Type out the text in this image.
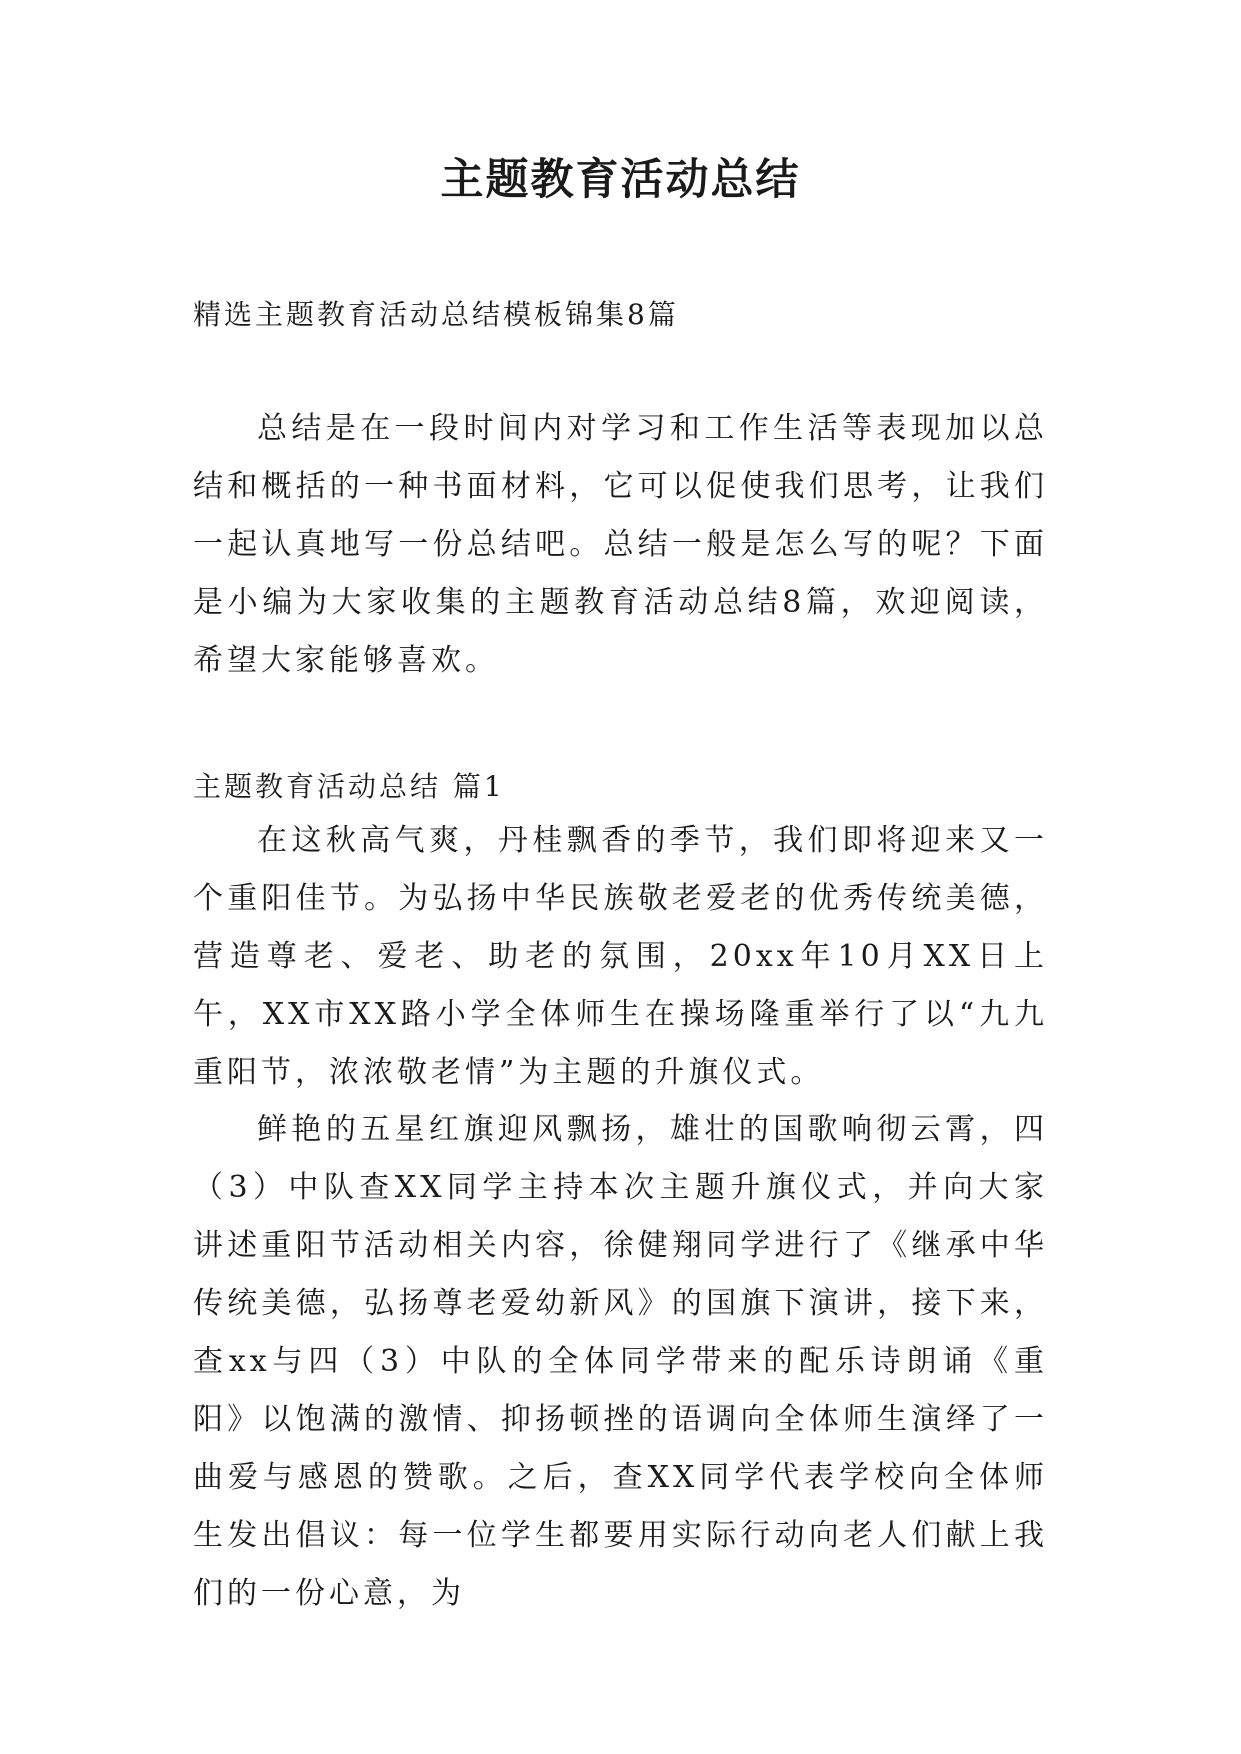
主题教育活动总结

精选主题教育活动总结模板锦集8篇

总结是在一段时间内对学习和工作生活等表现加以总结和概括的一种书面材料，它可以促使我们思考，让我们一起认真地写一份总结吧。总结一般是怎么写的呢？下面是小编为大家收集的主题教育活动总结8篇，欢迎阅读，希望大家能够喜欢。

主题教育活动总结 篇1

在这秋高气爽，丹桂飘香的季节，我们即将迎来又一个重阳佳节。为弘扬中华民族敬老爱老的优秀传统美德，营造尊老、爱老、助老的氛围，20xx年10月XX日上午，XX市XX路小学全体师生在操场隆重举行了以“九九重阳节，浓浓敬老情”为主题的升旗仪式。

鲜艳的五星红旗迎风飘扬，雄壮的国歌响彻云霄，四（3）中队查XX同学主持本次主题升旗仪式，并向大家讲述重阳节活动相关内容，徐健翔同学进行了《继承中华传统美德，弘扬尊老爱幼新风》的国旗下演讲，接下来，查xx与四（3）中队的全体同学带来的配乐诗朗诵《重阳》以饱满的激情、抑扬顿挫的语调向全体师生演绎了一曲爱与感恩的赞歌。之后，查XX同学代表学校向全体师生发出倡议：每一位学生都要用实际行动向老人们献上我们的一份心意，为
